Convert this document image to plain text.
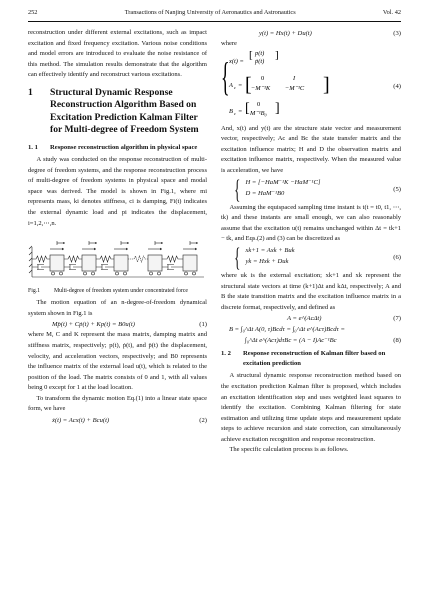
252	Transactions of Nanjing University of Aeronautics and Astronautics	Vol. 42

reconstruction under different external excitations, such as impact excitation and fixed frequency excitation. Various noise conditions and model errors are introduced to evaluate the noise resistance of this method. The simulation results demonstrate that the algorithm can effectively identify and reconstruct various excitations.

1	Structural Dynamic Response Reconstruction Algorithm Based on Excitation Prediction Kalman Filter for Multi-degree of Freedom System
1. 1	Response reconstruction algorithm in physical space

A study was conducted on the response reconstruction of multi-degree of freedom systems, and the response reconstruction process of multi-degree of freedom systems in physical space and modal space was derived. The model is shown in Fig.1, where mi represents mass, ki denotes stiffness, ci is damping, Fi(t) indicates the external dynamic load and pi indicates the displacement, i=1,2,⋯,n.

Fig.1	Multi-degree of freedom system under concentrated force

The motion equation of an n-degree-of-freedom dynamical system shown in Fig.1 is

Mp̈(t) + Cṗ(t) + Kp(t) = B0u(t)	(1)

where M, C and K represent the mass matrix, damping matrix and stiffness matrix, respectively; p(t), ṗ(t), and p̈(t) the displacement, velocity, and acceleration vectors, respectively; and B0 represents the influence matrix of the external load u(t), which is related to the position of the load. The matrix consists of 0 and 1, with all values being 0 except for 1 at the load location.

To transform the dynamic motion Eq.(1) into a linear state space form, we have

ẋ(t) = Acx(t) + Bcu(t)	(2)
y(t) = Hx(t) + Du(t)	(3)

where

{ x(t) =
[ ]
p(t)
ṗ(t)
A c = [	]
0	I
−M⁻¹K −M⁻¹C
B c = [ ]
0
M⁻¹B₀
(4)

And, x(t) and y(t) are the structure state vector and measurement vector, respectively; Ac and Bc the state transfer matrix and the excitation influence matrix; H and D the observation matrix and excitation influence matrix, respectively. When the measured value is acceleration, we have

{ H = [−HaM⁻¹K −HaM⁻¹C]
D = HaM⁻¹B0	(5)

Assuming the equispaced sampling time instant is t(t = t0, t1, ⋯, tk) and these instants are small enough, we can also reasonably assume that the excitation u(t) remains unchanged within Δt = tk+1 − tk, and Eqs.(2) and (3) can be discretized as

{ xk+1 = Axk + Buk
yk = Hxk + Duk	(6)

where uk is the external excitation; xk+1 and xk represent the structural state vectors at time (k+1)Δt and kΔt, respectively; A and B the state transition matrix and the excitation influence matrix in a discrete format, respectively, and defined as

A = e^(AcΔt)	(7)
B = ∫₀^Δt A(0, τ)Bcdτ = ∫₀^Δt e^(Acτ)Bcdτ =
∫₀^Δt e^(Acτ)dτBc = (A − I)Ac⁻¹Bc	(8)
1. 2	Response reconstruction of Kalman filter based on excitation prediction

A structural dynamic response reconstruction method based on the excitation prediction Kalman filter is proposed, which includes an excitation identification step and uses weighted least squares to identify the excitation. Combining Kalman filtering for state estimation and utilizing time update steps and measurement update steps to achieve recursion and state correction, can simultaneously achieve excitation recognition and response reconstruction.

The specific calculation process is as follows.
